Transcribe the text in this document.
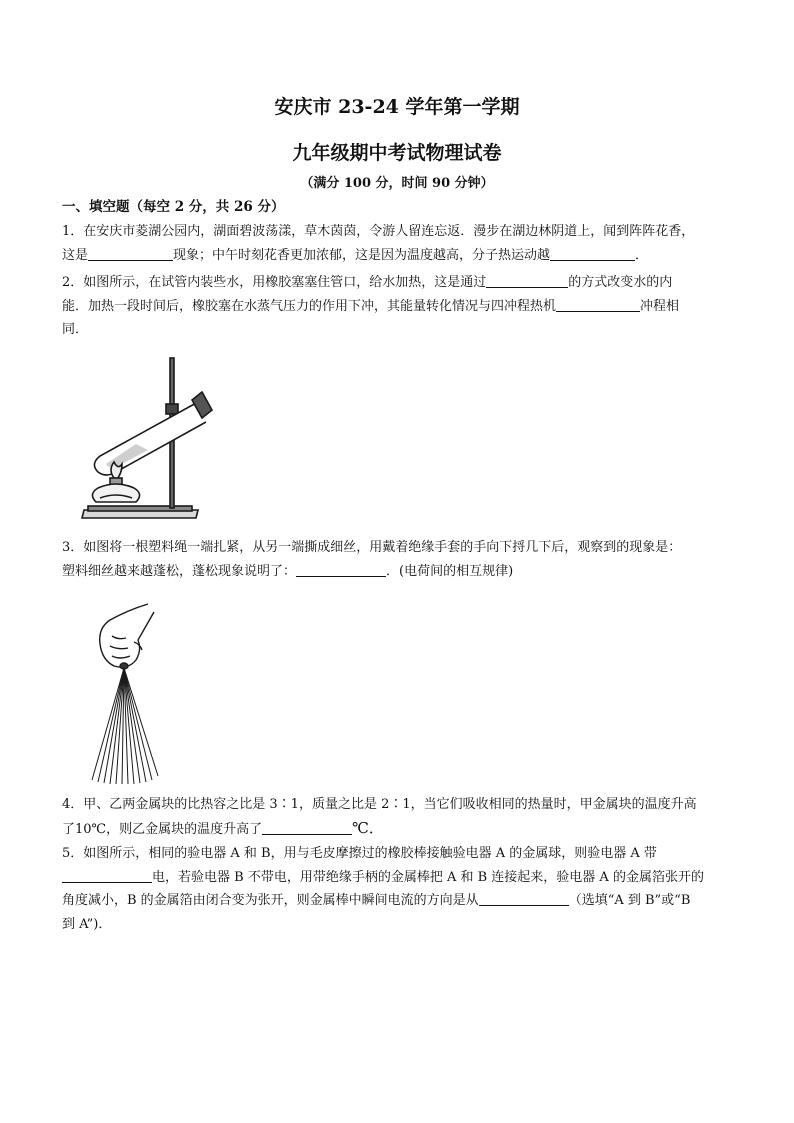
安庆市 23-24 学年第一学期
九年级期中考试物理试卷
（满分 100 分，时间 90 分钟）
一、填空题（每空 2 分，共 26 分）
1．在安庆市菱湖公园内，湖面碧波荡漾，草木茵茵，令游人留连忘返．漫步在湖边林阴道上，闻到阵阵花香，
这是	现象；中午时刻花香更加浓郁，这是因为温度越高，分子热运动越	．
2．如图所示，在试管内装些水，用橡胶塞塞住管口，给水加热，这是通过	的方式改变水的内
能．加热一段时间后，橡胶塞在水蒸气压力的作用下冲，其能量转化情况与四冲程热机	冲程相
同．
3．如图将一根塑料绳一端扎紧，从另一端撕成细丝，用戴着绝缘手套的手向下捋几下后，观察到的现象是：
塑料细丝越来越蓬松，蓬松现象说明了：	．(电荷间的相互规律)
4．甲、乙两金属块的比热容之比是 3∶1，质量之比是 2∶1，当它们吸收相同的热量时，甲金属块的温度升高
了10℃，则乙金属块的温度升高了	℃．
5．如图所示，相同的验电器 A 和 B，用与毛皮摩擦过的橡胶棒接触验电器 A 的金属球，则验电器 A 带
电，若验电器 B 不带电，用带绝缘手柄的金属棒把 A 和 B 连接起来，验电器 A 的金属箔张开的
角度减小，B 的金属箔由闭合变为张开，则金属棒中瞬间电流的方向是从	（选填“A 到 B”或“B
到 A”)．
